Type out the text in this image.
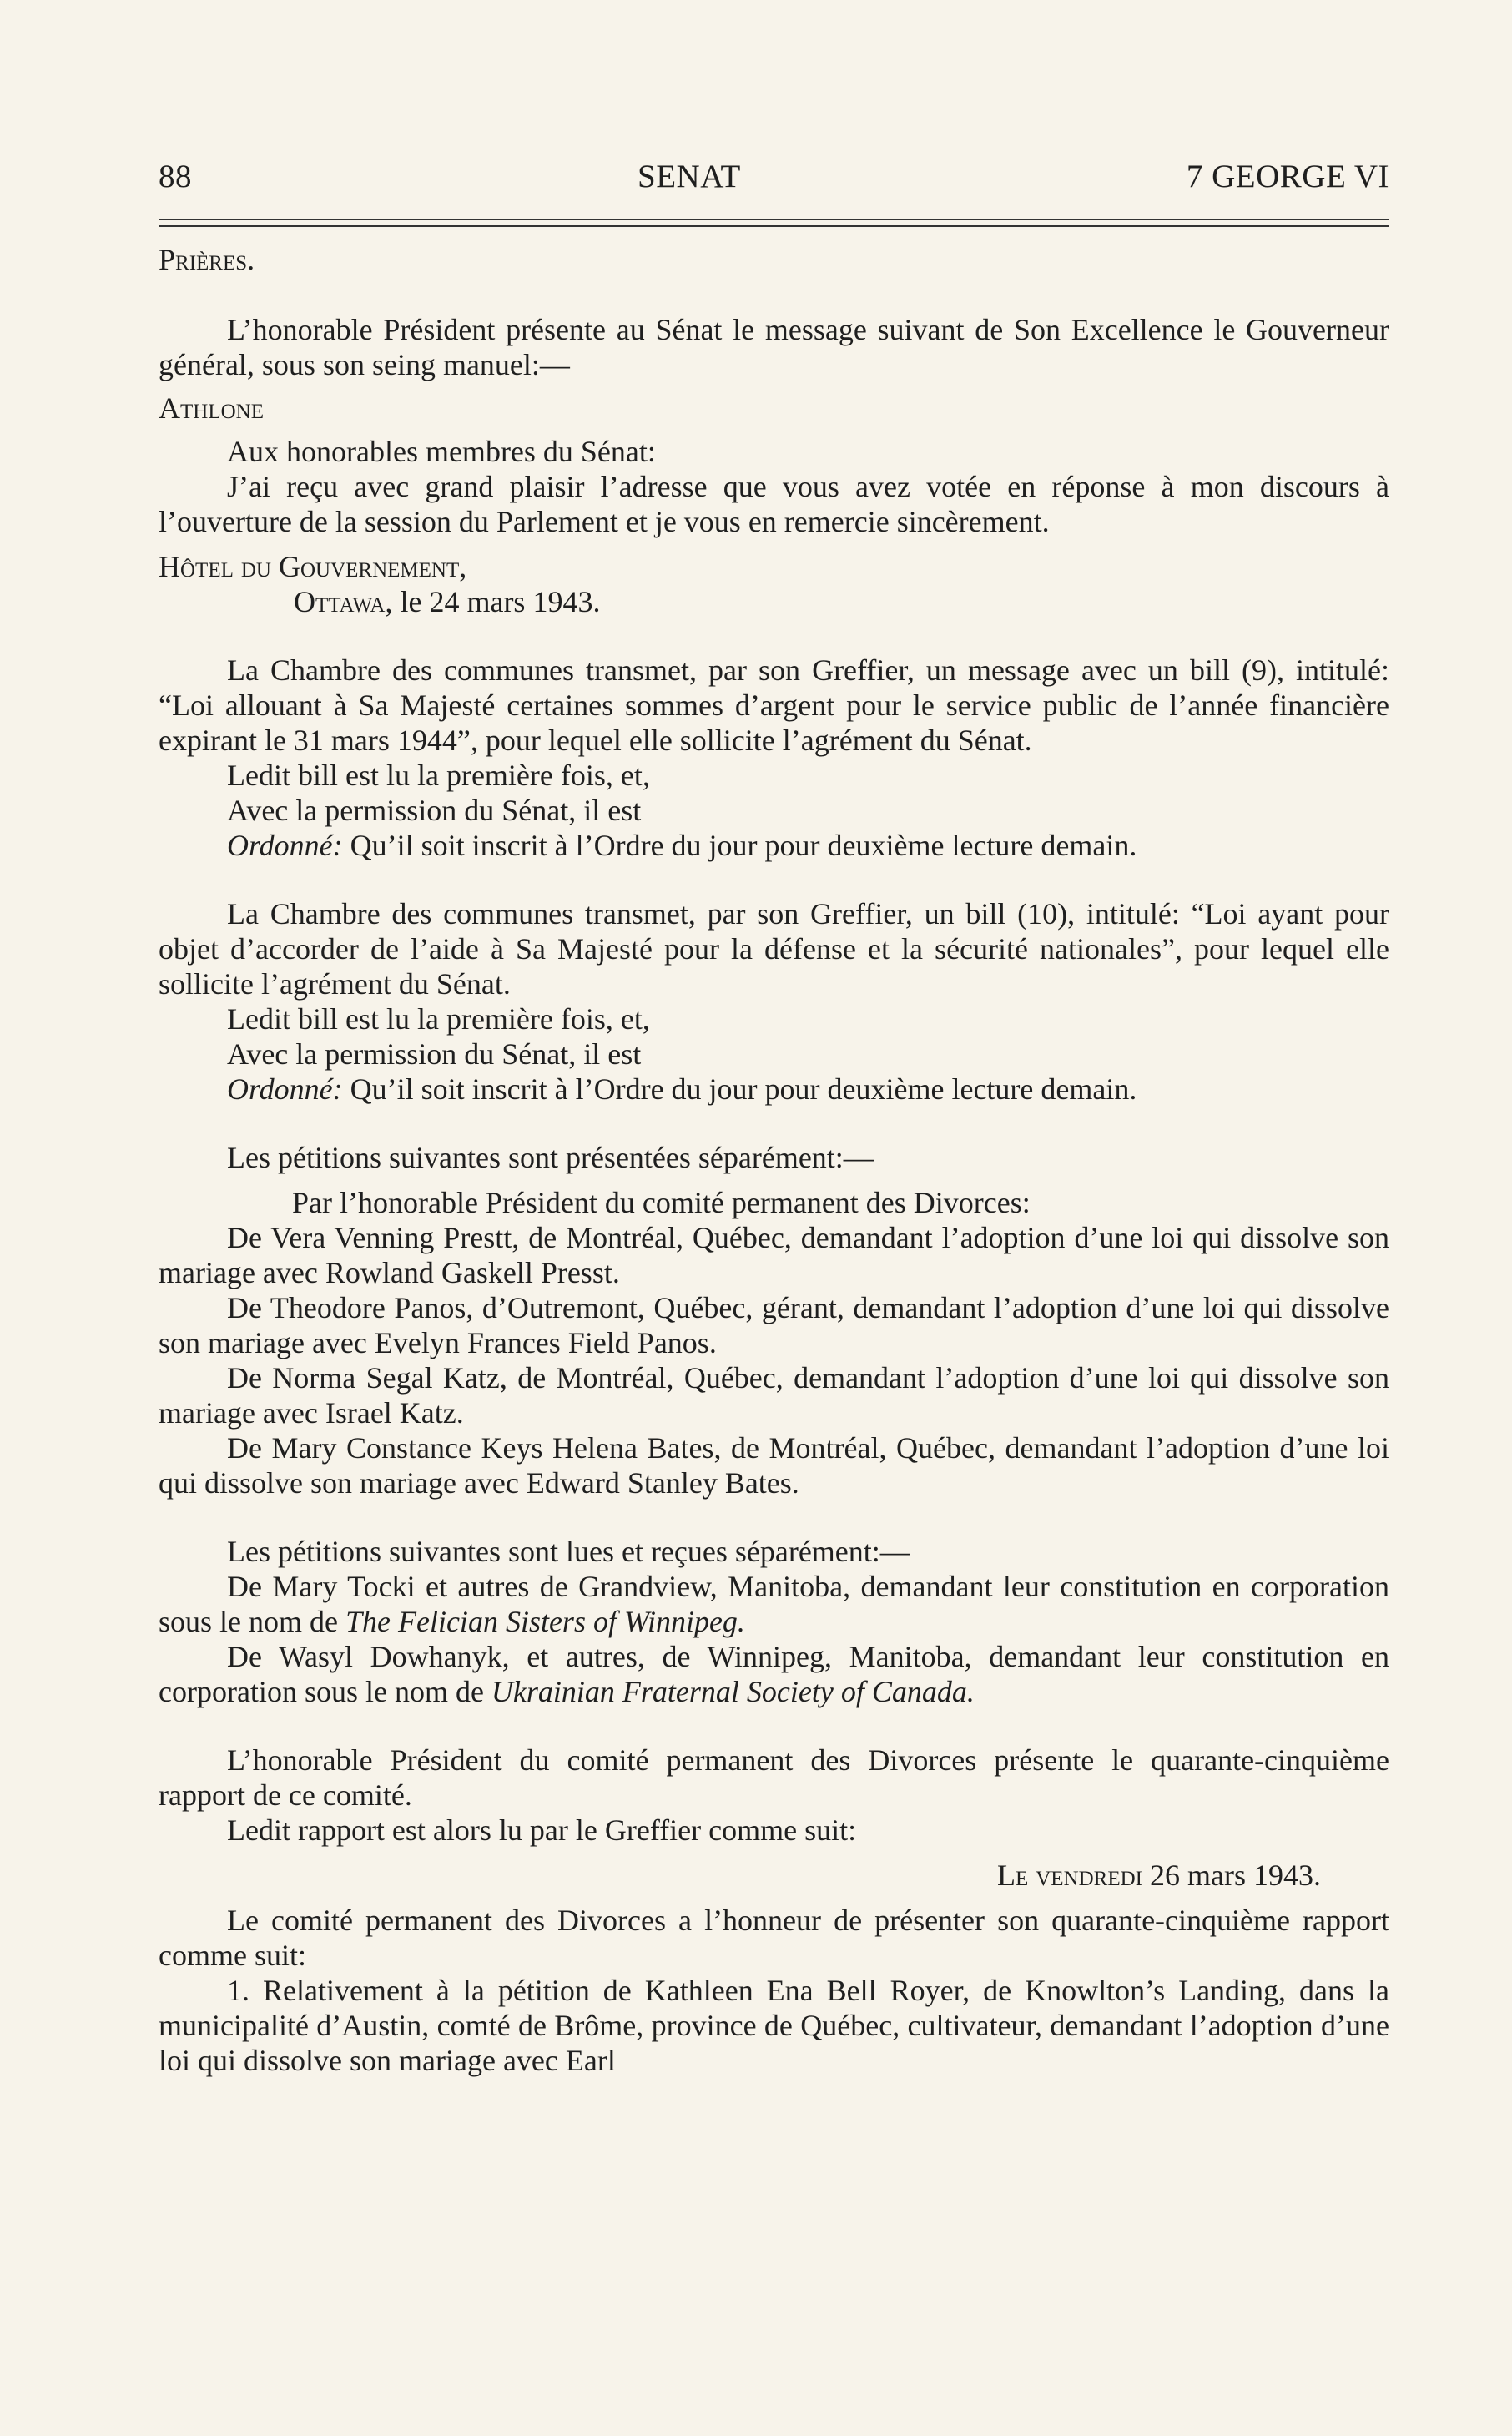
88	SENAT	7 GEORGE VI

Prières.

L’honorable Président présente au Sénat le message suivant de Son Excellence le Gouverneur général, sous son seing manuel:—

Athlone

Aux honorables membres du Sénat:

J’ai reçu avec grand plaisir l’adresse que vous avez votée en réponse à mon discours à l’ouverture de la session du Parlement et je vous en remercie sincèrement.

Hôtel du Gouvernement,

Ottawa, le 24 mars 1943.

La Chambre des communes transmet, par son Greffier, un message avec un bill (9), intitulé: “Loi allouant à Sa Majesté certaines sommes d’argent pour le service public de l’année financière expirant le 31 mars 1944”, pour lequel elle sollicite l’agrément du Sénat.

Ledit bill est lu la première fois, et,

Avec la permission du Sénat, il est

Ordonné: Qu’il soit inscrit à l’Ordre du jour pour deuxième lecture demain.

La Chambre des communes transmet, par son Greffier, un bill (10), intitulé: “Loi ayant pour objet d’accorder de l’aide à Sa Majesté pour la défense et la sécurité nationales”, pour lequel elle sollicite l’agrément du Sénat.

Ledit bill est lu la première fois, et,

Avec la permission du Sénat, il est

Ordonné: Qu’il soit inscrit à l’Ordre du jour pour deuxième lecture demain.

Les pétitions suivantes sont présentées séparément:—

Par l’honorable Président du comité permanent des Divorces:

De Vera Venning Prestt, de Montréal, Québec, demandant l’adoption d’une loi qui dissolve son mariage avec Rowland Gaskell Presst.

De Theodore Panos, d’Outremont, Québec, gérant, demandant l’adoption d’une loi qui dissolve son mariage avec Evelyn Frances Field Panos.

De Norma Segal Katz, de Montréal, Québec, demandant l’adoption d’une loi qui dissolve son mariage avec Israel Katz.

De Mary Constance Keys Helena Bates, de Montréal, Québec, demandant l’adoption d’une loi qui dissolve son mariage avec Edward Stanley Bates.

Les pétitions suivantes sont lues et reçues séparément:—

De Mary Tocki et autres de Grandview, Manitoba, demandant leur constitution en corporation sous le nom de The Felician Sisters of Winnipeg.

De Wasyl Dowhanyk, et autres, de Winnipeg, Manitoba, demandant leur constitution en corporation sous le nom de Ukrainian Fraternal Society of Canada.

L’honorable Président du comité permanent des Divorces présente le quarante-cinquième rapport de ce comité.

Ledit rapport est alors lu par le Greffier comme suit:

Le vendredi 26 mars 1943.

Le comité permanent des Divorces a l’honneur de présenter son quarante-cinquième rapport comme suit:

1. Relativement à la pétition de Kathleen Ena Bell Royer, de Knowlton’s Landing, dans la municipalité d’Austin, comté de Brôme, province de Québec, cultivateur, demandant l’adoption d’une loi qui dissolve son mariage avec Earl
